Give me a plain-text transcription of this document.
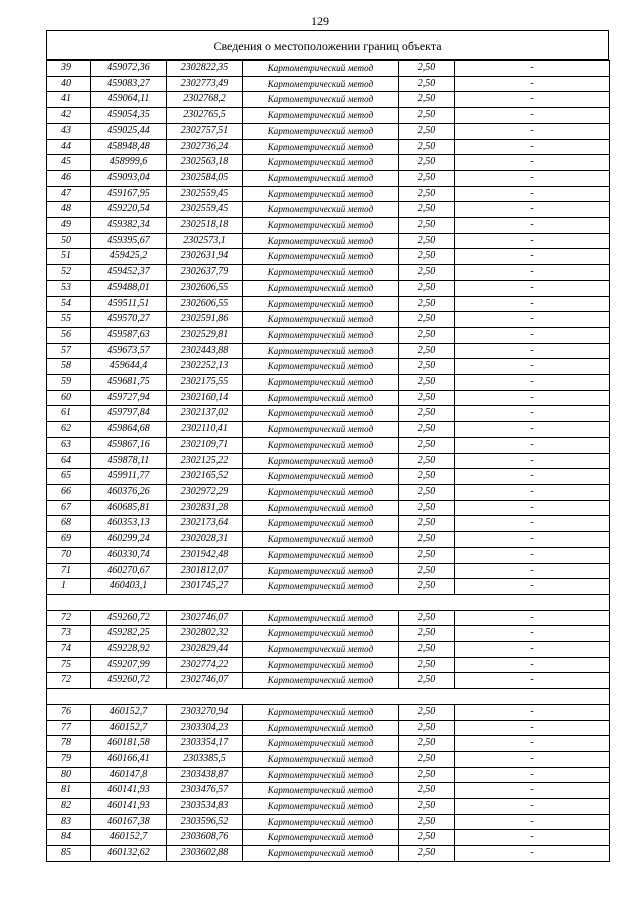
129
Сведения о местоположении границ объекта
39	459072,36	2302822,35	Картометрический метод	2,50	-
40	459083,27	2302773,49	Картометрический метод	2,50	-
41	459064,11	2302768,2	Картометрический метод	2,50	-
42	459054,35	2302765,5	Картометрический метод	2,50	-
43	459025,44	2302757,51	Картометрический метод	2,50	-
44	458948,48	2302736,24	Картометрический метод	2,50	-
45	458999,6	2302563,18	Картометрический метод	2,50	-
46	459093,04	2302584,05	Картометрический метод	2,50	-
47	459167,95	2302559,45	Картометрический метод	2,50	-
48	459220,54	2302559,45	Картометрический метод	2,50	-
49	459382,34	2302518,18	Картометрический метод	2,50	-
50	459395,67	2302573,1	Картометрический метод	2,50	-
51	459425,2	2302631,94	Картометрический метод	2,50	-
52	459452,37	2302637,79	Картометрический метод	2,50	-
53	459488,01	2302606,55	Картометрический метод	2,50	-
54	459511,51	2302606,55	Картометрический метод	2,50	-
55	459570,27	2302591,86	Картометрический метод	2,50	-
56	459587,63	2302529,81	Картометрический метод	2,50	-
57	459673,57	2302443,88	Картометрический метод	2,50	-
58	459644,4	2302252,13	Картометрический метод	2,50	-
59	459681,75	2302175,55	Картометрический метод	2,50	-
60	459727,94	2302160,14	Картометрический метод	2,50	-
61	459797,84	2302137,02	Картометрический метод	2,50	-
62	459864,68	2302110,41	Картометрический метод	2,50	-
63	459867,16	2302109,71	Картометрический метод	2,50	-
64	459878,11	2302125,22	Картометрический метод	2,50	-
65	459911,77	2302165,52	Картометрический метод	2,50	-
66	460376,26	2302972,29	Картометрический метод	2,50	-
67	460685,81	2302831,28	Картометрический метод	2,50	-
68	460353,13	2302173,64	Картометрический метод	2,50	-
69	460299,24	2302028,31	Картометрический метод	2,50	-
70	460330,74	2301942,48	Картометрический метод	2,50	-
71	460270,67	2301812,07	Картометрический метод	2,50	-
1	460403,1	2301745,27	Картометрический метод	2,50	-

72	459260,72	2302746,07	Картометрический метод	2,50	-
73	459282,25	2302802,32	Картометрический метод	2,50	-
74	459228,92	2302829,44	Картометрический метод	2,50	-
75	459207,99	2302774,22	Картометрический метод	2,50	-
72	459260,72	2302746,07	Картометрический метод	2,50	-

76	460152,7	2303270,94	Картометрический метод	2,50	-
77	460152,7	2303304,23	Картометрический метод	2,50	-
78	460181,58	2303354,17	Картометрический метод	2,50	-
79	460166,41	2303385,5	Картометрический метод	2,50	-
80	460147,8	2303438,87	Картометрический метод	2,50	-
81	460141,93	2303476,57	Картометрический метод	2,50	-
82	460141,93	2303534,83	Картометрический метод	2,50	-
83	460167,38	2303596,52	Картометрический метод	2,50	-
84	460152,7	2303608,76	Картометрический метод	2,50	-
85	460132,62	2303602,88	Картометрический метод	2,50	-
